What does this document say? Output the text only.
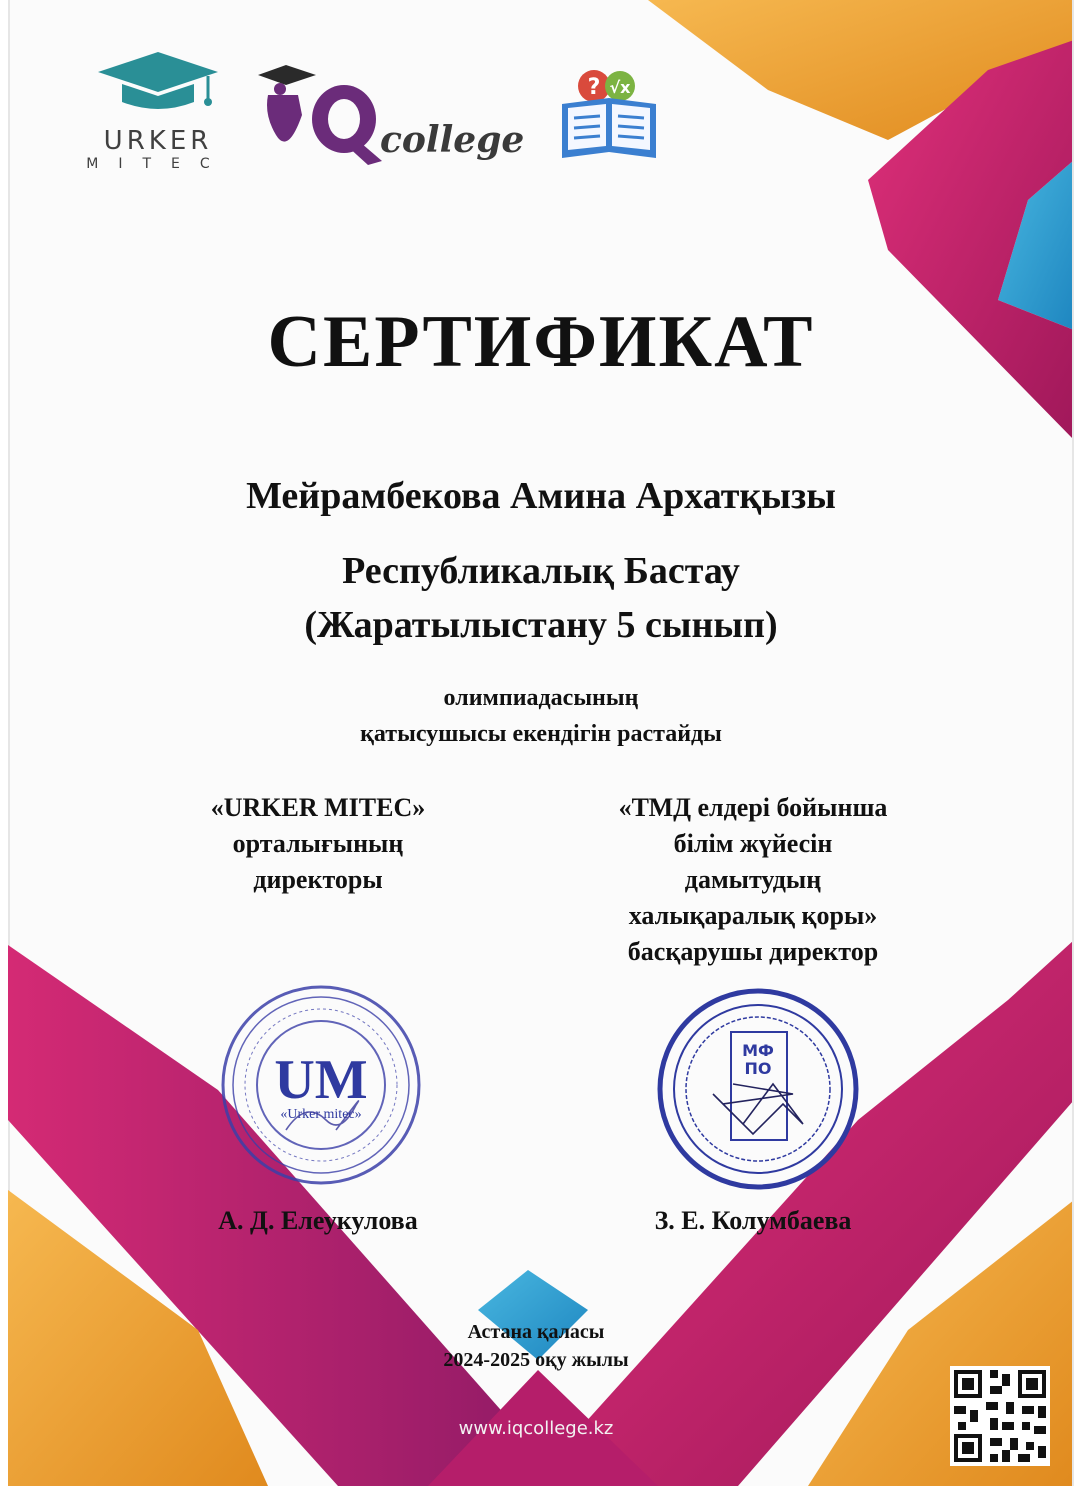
URKER
MITEC
college
? √x
СЕРТИФИКАТ
Мейрамбекова Амина Архатқызы
Республикалық Бастау
(Жаратылыстану 5 сынып)
олимпиадасының
қатысушысы екендігін растайды
«URKER MITEC»
орталығының
директоры
«ТМД елдері бойынша
білім жүйесін
дамытудың
халықаралық қоры»
басқарушы директор
UM
«Urker mitec»
МФ
ПО
А. Д. Елеукулова	З. Е. Колумбаева
Астана қаласы
2024-2025 оқу жылы
www.iqcollege.kz
